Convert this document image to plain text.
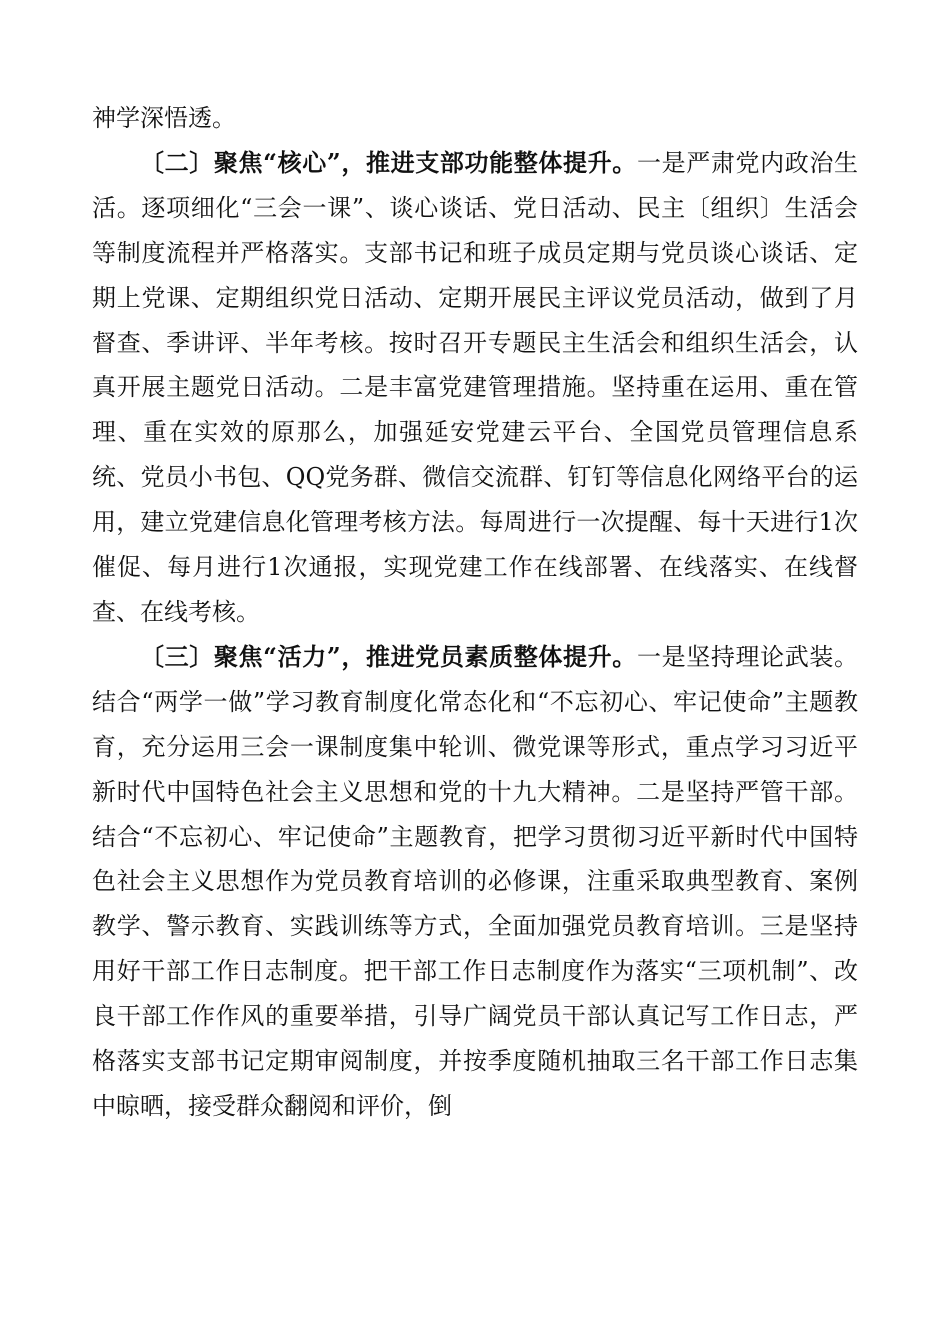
神学深悟透。

〔二〕聚焦“核心”，推进支部功能整体提升。一是严肃党内政治生活。逐项细化“三会一课”、谈心谈话、党日活动、民主〔组织〕生活会等制度流程并严格落实。支部书记和班子成员定期与党员谈心谈话、定期上党课、定期组织党日活动、定期开展民主评议党员活动，做到了月督查、季讲评、半年考核。按时召开专题民主生活会和组织生活会，认真开展主题党日活动。二是丰富党建管理措施。坚持重在运用、重在管理、重在实效的原那么，加强延安党建云平台、全国党员管理信息系统、党员小书包、QQ党务群、微信交流群、钉钉等信息化网络平台的运用，建立党建信息化管理考核方法。每周进行一次提醒、每十天进行1次催促、每月进行1次通报，实现党建工作在线部署、在线落实、在线督查、在线考核。

〔三〕聚焦“活力”，推进党员素质整体提升。一是坚持理论武装。结合“两学一做”学习教育制度化常态化和“不忘初心、牢记使命”主题教育，充分运用三会一课制度集中轮训、微党课等形式，重点学习习近平新时代中国特色社会主义思想和党的十九大精神。二是坚持严管干部。结合“不忘初心、牢记使命”主题教育，把学习贯彻习近平新时代中国特色社会主义思想作为党员教育培训的必修课，注重采取典型教育、案例教学、警示教育、实践训练等方式，全面加强党员教育培训。三是坚持用好干部工作日志制度。把干部工作日志制度作为落实“三项机制”、改良干部工作作风的重要举措，引导广阔党员干部认真记写工作日志，严格落实支部书记定期审阅制度，并按季度随机抽取三名干部工作日志集中晾晒，接受群众翻阅和评价，倒
